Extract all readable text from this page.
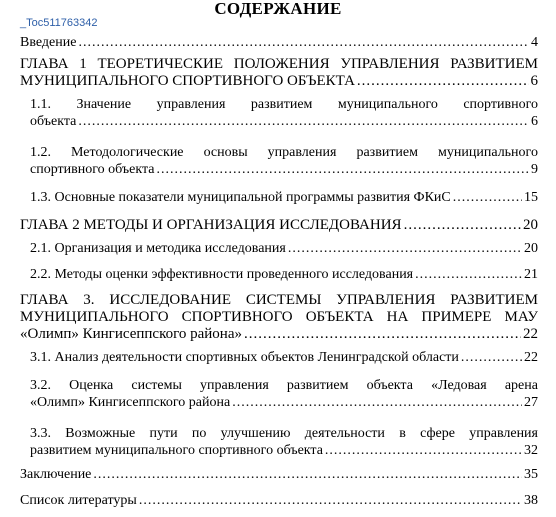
СОДЕРЖАНИЕ
_Toc511763342
Введение .....	4
ГЛАВА 1 ТЕОРЕТИЧЕСКИЕ ПОЛОЖЕНИЯ УПРАВЛЕНИЯ РАЗВИТИЕМ
МУНИЦИПАЛЬНОГО СПОРТИВНОГО ОБЪЕКТА .....	6
1.1. Значение управления развитием муниципального спортивного
объекта .....	6
1.2. Методологические основы управления развитием муниципального
спортивного объекта .....	9
1.3. Основные показатели муниципальной программы развития ФКиС .....	15
ГЛАВА 2 МЕТОДЫ И ОРГАНИЗАЦИЯ ИССЛЕДОВАНИЯ .....	20
2.1. Организация и методика исследования .....	20
2.2. Методы оценки эффективности проведенного исследования .....	21
ГЛАВА 3. ИССЛЕДОВАНИЕ СИСТЕМЫ УПРАВЛЕНИЯ РАЗВИТИЕМ
МУНИЦИПАЛЬНОГО СПОРТИВНОГО ОБЪЕКТА НА ПРИМЕРЕ МАУ
«Олимп» Кингисеппского района» .....	22
3.1. Анализ деятельности спортивных объектов Ленинградской области .....	22
3.2. Оценка системы управления развитием объекта «Ледовая арена
«Олимп» Кингисеппского района .....	27
3.3. Возможные пути по улучшению деятельности в сфере управления
развитием муниципального спортивного объекта .....	32
Заключение .....	35
Список литературы .....	38
